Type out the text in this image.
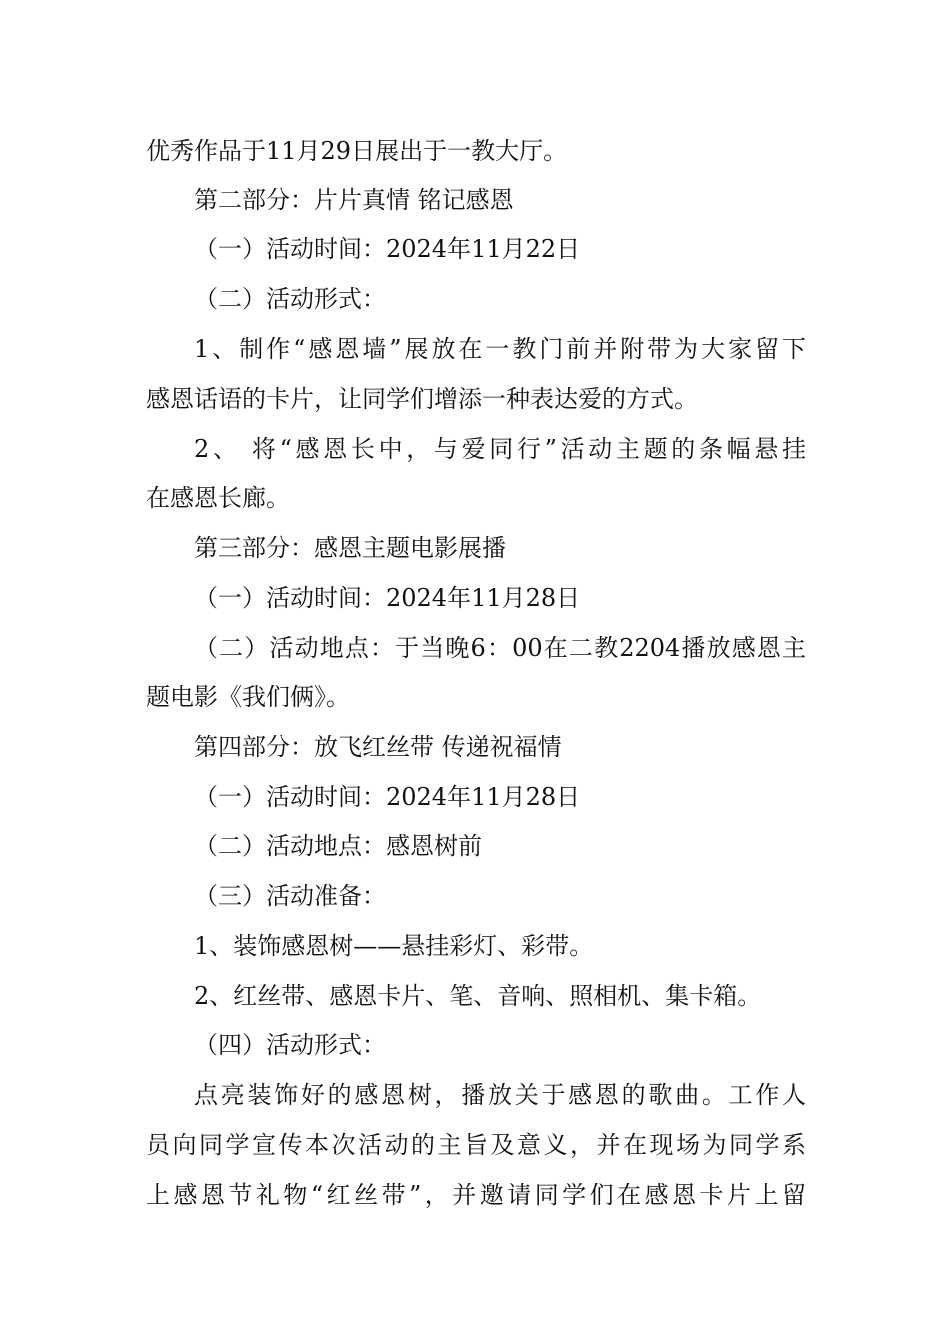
优秀作品于11月29日展出于一教大厅。
第二部分：片片真情 铭记感恩
（一）活动时间：2024年11月22日
（二）活动形式：
1、制作“感恩墙”展放在一教门前并附带为大家留下
感恩话语的卡片，让同学们增添一种表达爱的方式。
2、 将“感恩长中，与爱同行”活动主题的条幅悬挂
在感恩长廊。
第三部分：感恩主题电影展播
（一）活动时间：2024年11月28日
（二）活动地点：于当晚6：00在二教2204播放感恩主
题电影《我们俩》。
第四部分：放飞红丝带 传递祝福情
（一）活动时间：2024年11月28日
（二）活动地点：感恩树前
（三）活动准备：
1、装饰感恩树——悬挂彩灯、彩带。
2、红丝带、感恩卡片、笔、音响、照相机、集卡箱。
（四）活动形式：
点亮装饰好的感恩树，播放关于感恩的歌曲。工作人
员向同学宣传本次活动的主旨及意义，并在现场为同学系
上感恩节礼物“红丝带”，并邀请同学们在感恩卡片上留
